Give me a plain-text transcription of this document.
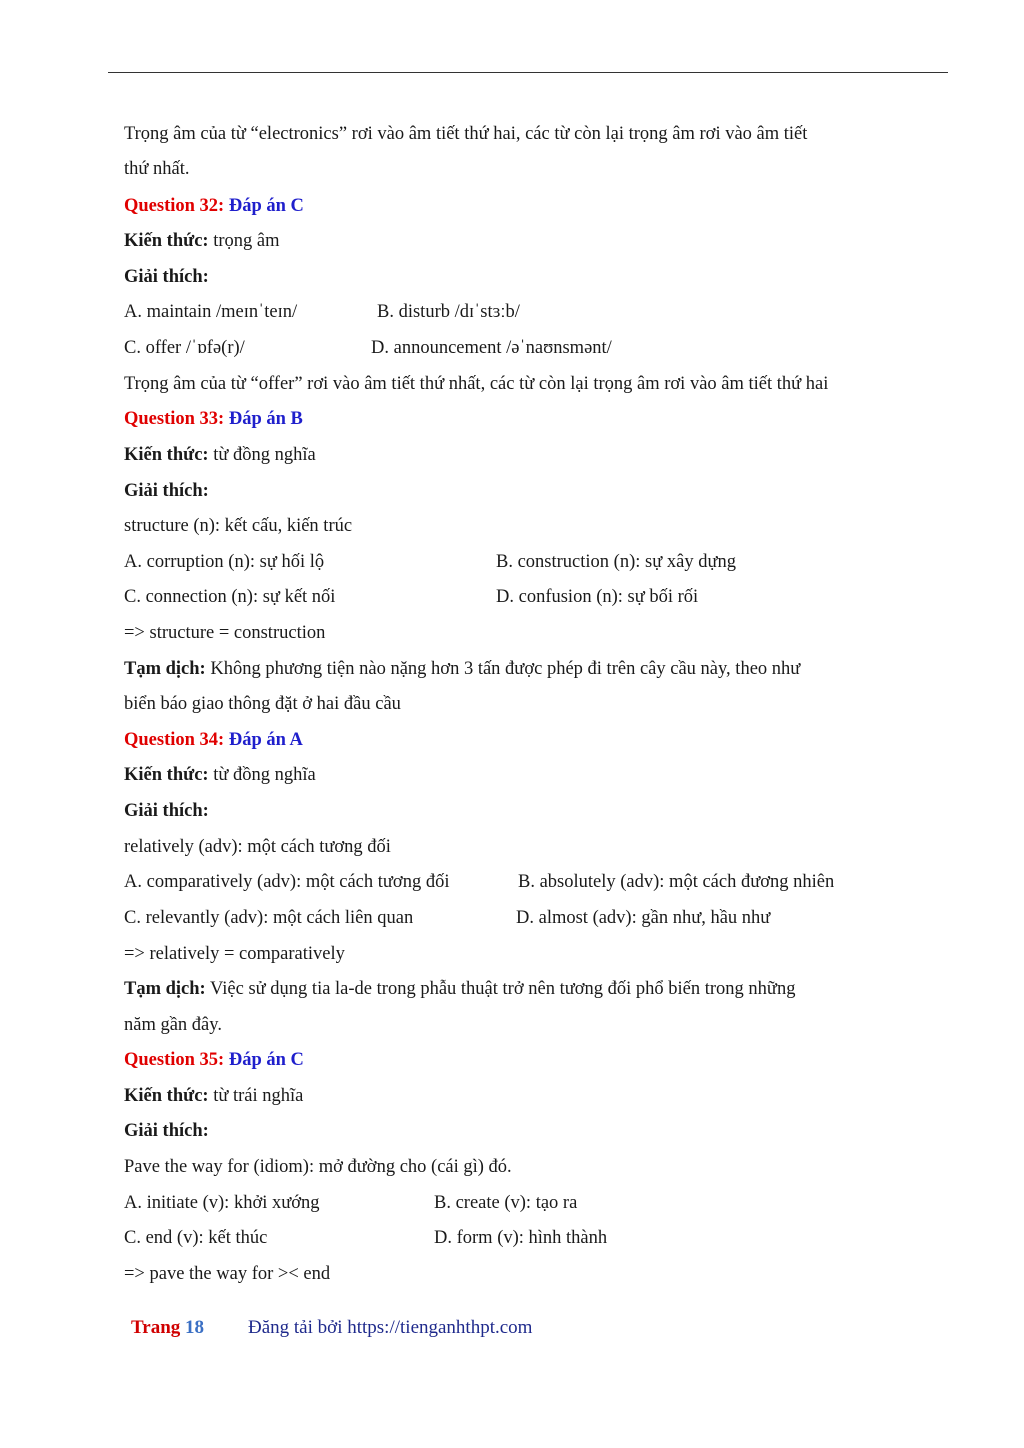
Trọng âm của từ “electronics” rơi vào âm tiết thứ hai, các từ còn lại trọng âm rơi vào âm tiết
thứ nhất.
Question 32: Đáp án C
Kiến thức: trọng âm
Giải thích:
A. maintain /meɪnˈteɪn/	B. disturb /dɪˈstɜːb/
C. offer /ˈɒfə(r)/	D. announcement /əˈnaʊnsmənt/
Trọng âm của từ “offer” rơi vào âm tiết thứ nhất, các từ còn lại trọng âm rơi vào âm tiết thứ hai
Question 33: Đáp án B
Kiến thức: từ đồng nghĩa
Giải thích:
structure (n): kết cấu, kiến trúc
A. corruption (n): sự hối lộ	B. construction (n): sự xây dựng
C. connection (n): sự kết nối	D. confusion (n): sự bối rối
=> structure = construction
Tạm dịch: Không phương tiện nào nặng hơn 3 tấn được phép đi trên cây cầu này, theo như
biển báo giao thông đặt ở hai đầu cầu
Question 34: Đáp án A
Kiến thức: từ đồng nghĩa
Giải thích:
relatively (adv): một cách tương đối
A. comparatively (adv): một cách tương đối	B. absolutely (adv): một cách đương nhiên
C. relevantly (adv): một cách liên quan	D. almost (adv): gần như, hầu như
=> relatively = comparatively
Tạm dịch: Việc sử dụng tia la-de trong phẫu thuật trở nên tương đối phổ biến trong những
năm gần đây.
Question 35: Đáp án C
Kiến thức: từ trái nghĩa
Giải thích:
Pave the way for (idiom): mở đường cho (cái gì) đó.
A. initiate (v): khởi xướng	B. create (v): tạo ra
C. end (v): kết thúc	D. form (v): hình thành
=> pave the way for >< end
Trang 18 Đăng tải bởi https://tienganhthpt.com
